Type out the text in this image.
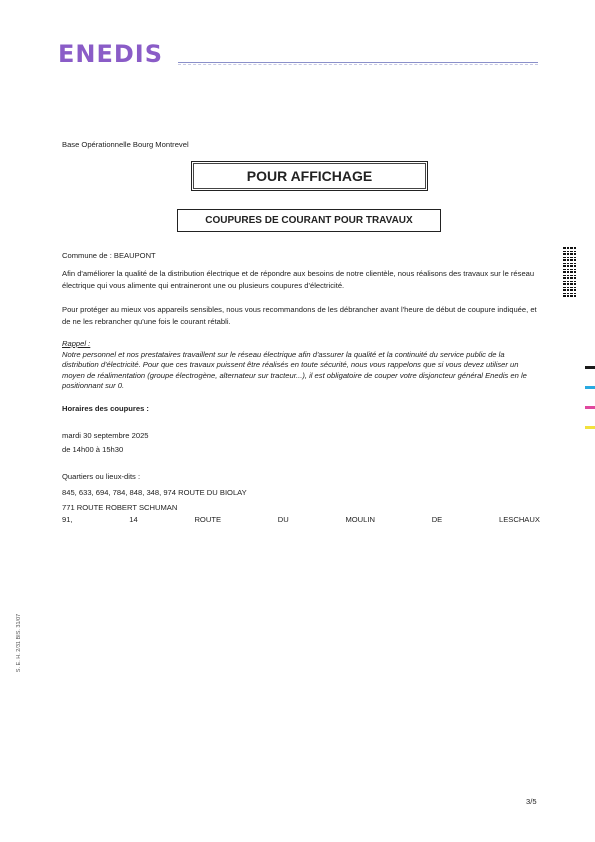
ENEDIS
Base Opérationnelle Bourg Montrevel
POUR AFFICHAGE
COUPURES DE COURANT POUR TRAVAUX
Commune de : BEAUPONT
Afin d'améliorer la qualité de la distribution électrique et de répondre aux besoins de notre clientèle, nous réalisons des travaux sur le réseau électrique qui vous alimente qui entraineront une ou plusieurs coupures d'électricité.
Pour protéger au mieux vos appareils sensibles, nous vous recommandons de les débrancher avant l'heure de début de coupure indiquée, et de ne les rebrancher qu'une fois le courant rétabli.
Rappel :
Notre personnel et nos prestataires travaillent sur le réseau électrique afin d'assurer la qualité et la continuité du service public de la distribution d'électricité. Pour que ces travaux puissent être réalisés en toute sécurité, nous vous rappelons que si vous devez utiliser un moyen de réalimentation (groupe électrogène, alternateur sur tracteur...), il est obligatoire de couper votre disjoncteur général Enedis en le positionnant sur 0.
Horaires des coupures :
mardi 30 septembre 2025
de 14h00 à 15h30
Quartiers ou lieux-dits :
845, 633, 694, 784, 848, 348, 974 ROUTE DU BIOLAY
771 ROUTE ROBERT SCHUMAN
91,	14	ROUTE	DU	MOULIN	DE	LESCHAUX
3/5
S. E. H. 2/31 BIS. 31/07
